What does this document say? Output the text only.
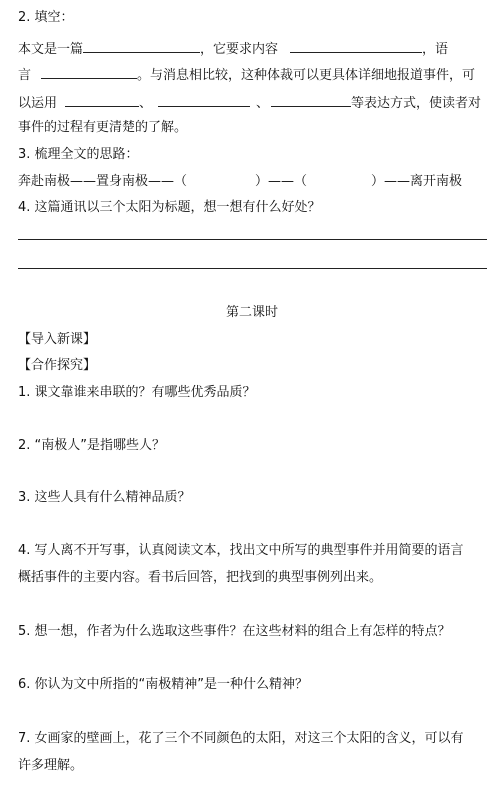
2. 填空：
本文是一篇	，它要求内容	，语
言	。与消息相比较，这种体裁可以更具体详细地报道事件，可
以运用	、	、	等表达方式，使读者对
事件的过程有更清楚的了解。
3. 梳理全文的思路：
奔赴南极——置身南极——（	）——（	）——离开南极
4. 这篇通讯以三个太阳为标题，想一想有什么好处？
第二课时
【导入新课】
【合作探究】
1. 课文靠谁来串联的？有哪些优秀品质？
2. “南极人”是指哪些人？
3. 这些人具有什么精神品质？
4. 写人离不开写事，认真阅读文本，找出文中所写的典型事件并用简要的语言
概括事件的主要内容。看书后回答，把找到的典型事例列出来。
5. 想一想，作者为什么选取这些事件？在这些材料的组合上有怎样的特点？
6. 你认为文中所指的“南极精神”是一种什么精神？
7. 女画家的壁画上，花了三个不同颜色的太阳，对这三个太阳的含义，可以有
许多理解。
